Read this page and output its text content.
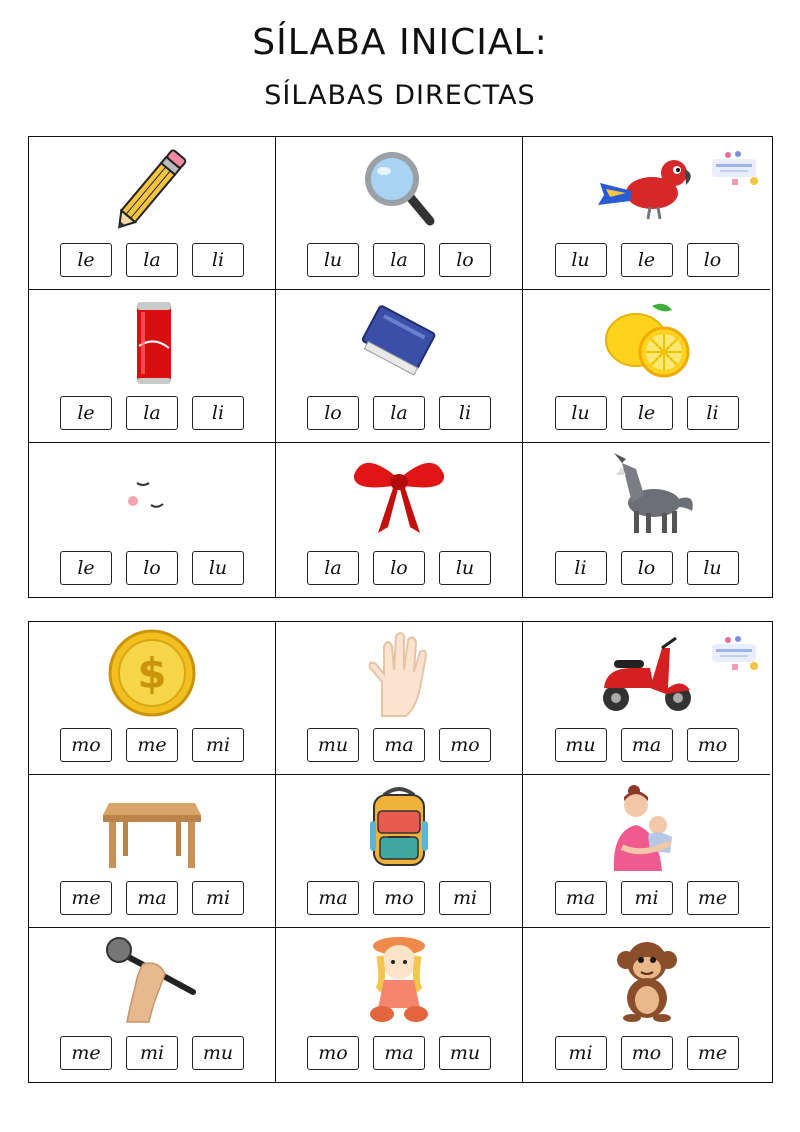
SÍLABA INICIAL:
SÍLABAS DIRECTAS
le	la	li	lu	la	lo	lu	le	lo
le	la	li	lo	la	li	lu	le	li
le	lo	lu	la	lo	lu	li	lo	lu
$
mo	me	mi	mu	ma	mo	mu	ma	mo
me	ma	mi	ma	mo	mi	ma	mi	me
me	mi	mu	mo	ma	mu	mi	mo	me
